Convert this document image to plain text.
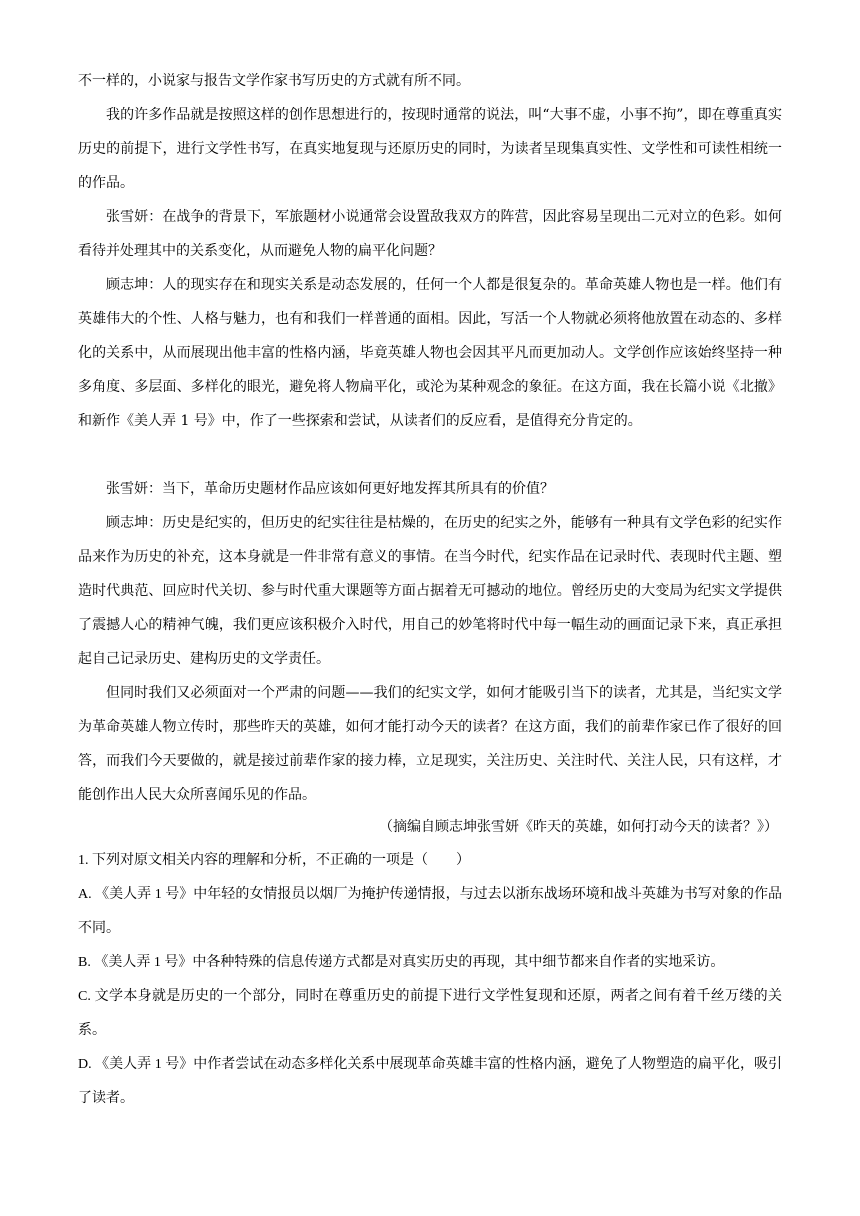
不一样的，小说家与报告文学作家书写历史的方式就有所不同。
我的许多作品就是按照这样的创作思想进行的，按现时通常的说法，叫“大事不虚，小事不拘”，即在尊重真实历史的前提下，进行文学性书写，在真实地复现与还原历史的同时，为读者呈现集真实性、文学性和可读性相统一的作品。
张雪妍：在战争的背景下，军旅题材小说通常会设置敌我双方的阵营，因此容易呈现出二元对立的色彩。如何看待并处理其中的关系变化，从而避免人物的扁平化问题？
顾志坤：人的现实存在和现实关系是动态发展的，任何一个人都是很复杂的。革命英雄人物也是一样。他们有英雄伟大的个性、人格与魅力，也有和我们一样普通的面相。因此，写活一个人物就必须将他放置在动态的、多样化的关系中，从而展现出他丰富的性格内涵，毕竟英雄人物也会因其平凡而更加动人。文学创作应该始终坚持一种多角度、多层面、多样化的眼光，避免将人物扁平化，或沦为某种观念的象征。在这方面，我在长篇小说《北撤》和新作《美人弄 1 号》中，作了一些探索和尝试，从读者们的反应看，是值得充分肯定的。
张雪妍：当下，革命历史题材作品应该如何更好地发挥其所具有的价值？
顾志坤：历史是纪实的，但历史的纪实往往是枯燥的，在历史的纪实之外，能够有一种具有文学色彩的纪实作品来作为历史的补充，这本身就是一件非常有意义的事情。在当今时代，纪实作品在记录时代、表现时代主题、塑造时代典范、回应时代关切、参与时代重大课题等方面占据着无可撼动的地位。曾经历史的大变局为纪实文学提供了震撼人心的精神气魄，我们更应该积极介入时代，用自己的妙笔将时代中每一幅生动的画面记录下来，真正承担起自己记录历史、建构历史的文学责任。
但同时我们又必须面对一个严肃的问题——我们的纪实文学，如何才能吸引当下的读者，尤其是，当纪实文学为革命英雄人物立传时，那些昨天的英雄，如何才能打动今天的读者？在这方面，我们的前辈作家已作了很好的回答，而我们今天要做的，就是接过前辈作家的接力棒，立足现实，关注历史、关注时代、关注人民，只有这样，才能创作出人民大众所喜闻乐见的作品。
（摘编自顾志坤张雪妍《昨天的英雄，如何打动今天的读者？》）
1. 下列对原文相关内容的理解和分析，不正确的一项是（　　）
A. 《美人弄 1 号》中年轻的女情报员以烟厂为掩护传递情报，与过去以浙东战场环境和战斗英雄为书写对象的作品不同。
B. 《美人弄 1 号》中各种特殊的信息传递方式都是对真实历史的再现，其中细节都来自作者的实地采访。
C. 文学本身就是历史的一个部分，同时在尊重历史的前提下进行文学性复现和还原，两者之间有着千丝万缕的关系。
D. 《美人弄 1 号》中作者尝试在动态多样化关系中展现革命英雄丰富的性格内涵，避免了人物塑造的扁平化，吸引了读者。
